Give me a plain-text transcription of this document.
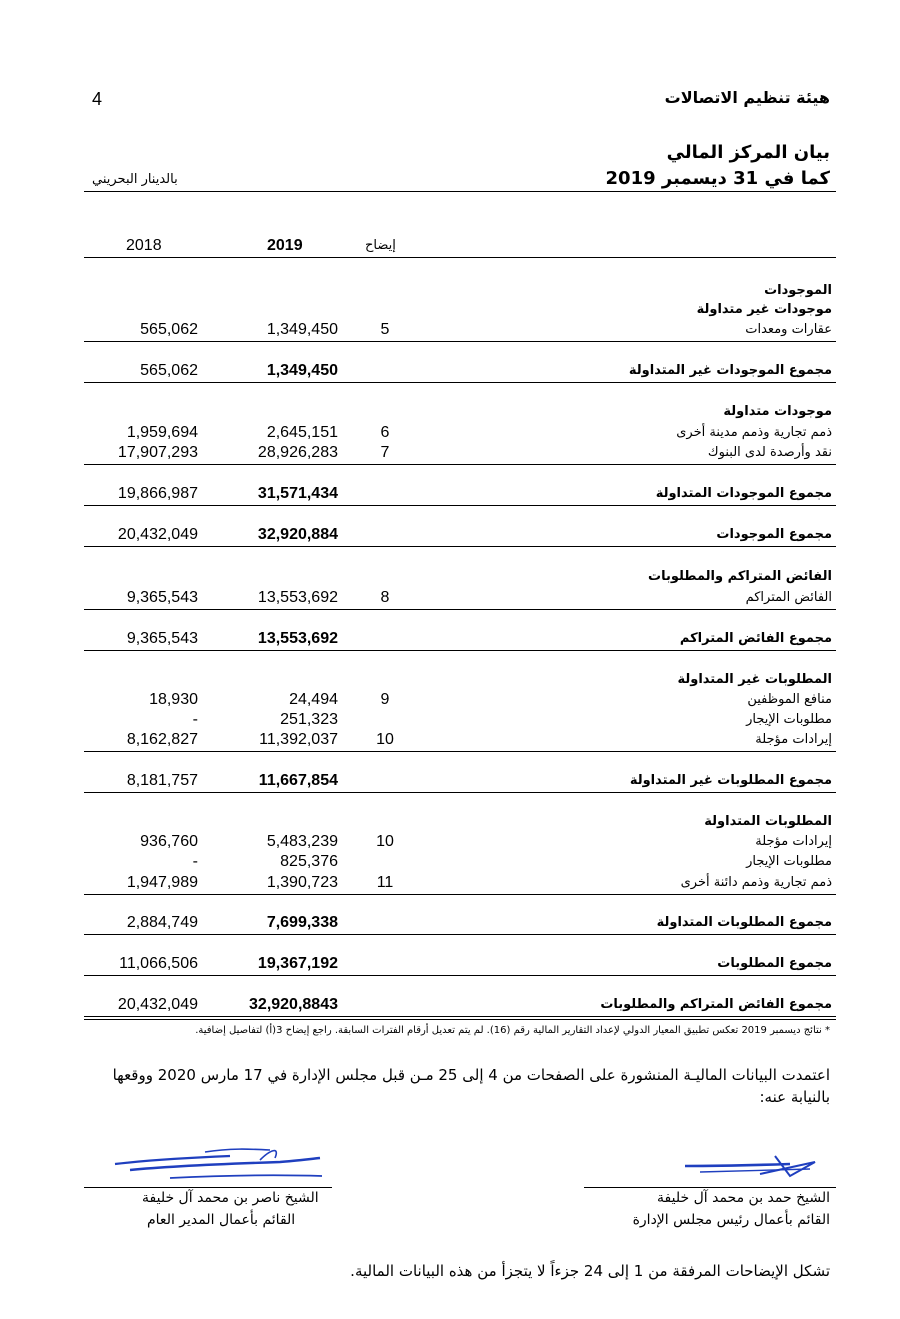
هيئة تنظيم الاتصالات
4
بيان المركز المالي
كما في 31 ديسمبر 2019
بالدينار البحريني
2018	2019	إيضاح
الموجودات
موجودات غير متداولة
عقارات ومعدات
5
1,349,450
565,062
مجموع الموجودات غير المتداولة
1,349,450
565,062
موجودات متداولة
ذمم تجارية وذمم مدينة أخرى
6
2,645,151
1,959,694
نقد وأرصدة لدى البنوك
7
28,926,283
17,907,293
مجموع الموجودات المتداولة
31,571,434
19,866,987
مجموع الموجودات
32,920,884
20,432,049
الفائض المتراكم والمطلوبات
الفائض المتراكم
8
13,553,692
9,365,543
مجموع الفائض المتراكم
13,553,692
9,365,543
المطلوبات غير المتداولة
منافع الموظفين
9
24,494
18,930
مطلوبات الإيجار
251,323
-
إيرادات مؤجلة
10
11,392,037
8,162,827
مجموع المطلوبات غير المتداولة
11,667,854
8,181,757
المطلوبات المتداولة
إيرادات مؤجلة
10
5,483,239
936,760
مطلوبات الإيجار
825,376
-
ذمم تجارية وذمم دائنة أخرى
11
1,390,723
1,947,989
مجموع المطلوبات المتداولة
7,699,338
2,884,749
مجموع المطلوبات
19,367,192
11,066,506
مجموع الفائض المتراكم والمطلوبات
32,920,8843
20,432,049
* نتائج ديسمبر 2019 تعكس تطبيق المعيار الدولي لإعداد التقارير المالية رقم (16). لم يتم تعديل أرقام الفترات السابقة. راجع إيضاح 3(أ) لتفاصيل إضافية.
اعتمدت البيانات الماليـة المنشورة على الصفحات من 4 إلى 25 مـن قبل مجلس الإدارة في 17 مارس 2020 ووقعها
بالنيابة عنه:
الشيخ ناصر بن محمد آل خليفة
القائم بأعمال المدير العام
الشيخ حمد بن محمد آل خليفة
القائم بأعمال رئيس مجلس الإدارة
تشكل الإيضاحات المرفقة من 1 إلى 24 جزءاً لا يتجزأ من هذه البيانات المالية.
